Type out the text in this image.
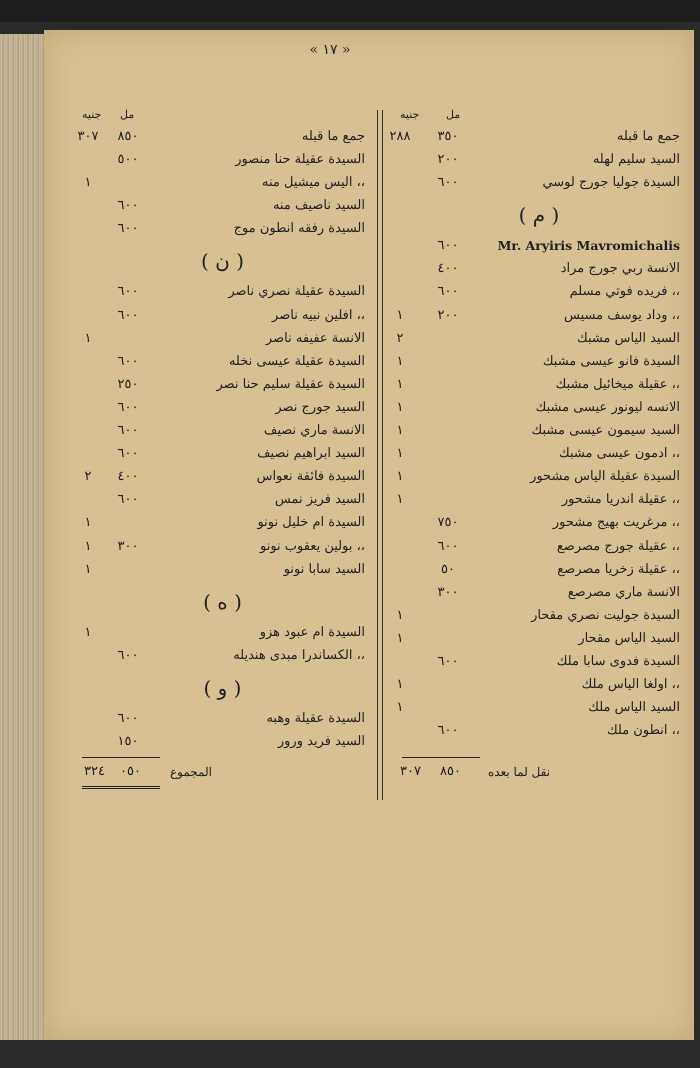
« ١٧ »
مل
جنيه
جمع ما قبله
٣٥٠
٢٨٨
السيد سليم لهله
٢٠٠
السيدة جوليا جورج لوسي
٦٠٠
( م )
Mr. Aryiris Mavromichalis
٦٠٠
الانسة ربي جورج مراد
٤٠٠
،، فريده فوتي مسلم
٦٠٠
،، وداد يوسف مسيس
٢٠٠
١
السيد الياس مشبك
٢
السيدة فانو عيسى مشبك
١
،، عقيلة ميخائيل مشبك
١
الانسه ليونور عيسى مشبك
١
السيد سيمون عيسى مشبك
١
،، ادمون عيسى مشبك
١
السيدة عقيلة الياس مشحور
١
،، عقيلة اندريا مشحور
١
،، مرغريت بهيج مشحور
٧٥٠
،، عقيلة جورج مصرصع
٦٠٠
،، عقيلة زخريا مصرصع
٥٠
الانسة ماري مصرصع
٣٠٠
السيدة جوليت نصري مقحار
١
السيد الياس مقحار
١
السيدة فدوى سابا ملك
٦٠٠
،، اولغا الياس ملك
١
السيد الياس ملك
١
،، انطون ملك
٦٠٠
مل
جنيه
جمع ما قبله
٨٥٠
٣٠٧
السيدة عقيلة حنا منصور
٥٠٠
،، اليس ميشيل منه
١
السيد ناصيف منه
٦٠٠
السيدة رفقه انطون موج
٦٠٠
( ن )
السيدة عقيلة نصري ناصر
٦٠٠
،، افلين نبيه ناصر
٦٠٠
الانسة عفيفه ناصر
١
السيدة عقيلة عيسى نخله
٦٠٠
السيدة عقيلة سليم حنا نصر
٢٥٠
السيد جورج نصر
٦٠٠
الانسة ماري نصيف
٦٠٠
السيد ابراهيم نصيف
٦٠٠
السيدة فائقة نعواس
٤٠٠
٢
السيد فريز نمس
٦٠٠
السيدة ام خليل نونو
١
،، بولين يعقوب نونو
٣٠٠
١
السيد سابا نونو
١
( ه )
السيدة ام عبود هزو
١
،، الكساندرا مبدى هنديله
٦٠٠
( و )
السيدة عقيلة وهبه
٦٠٠
السيد فريد ورور
١٥٠
٣٠٧ ٨٥٠ نقل لما بعده
٣٢٤ ٠٥٠ المجموع
